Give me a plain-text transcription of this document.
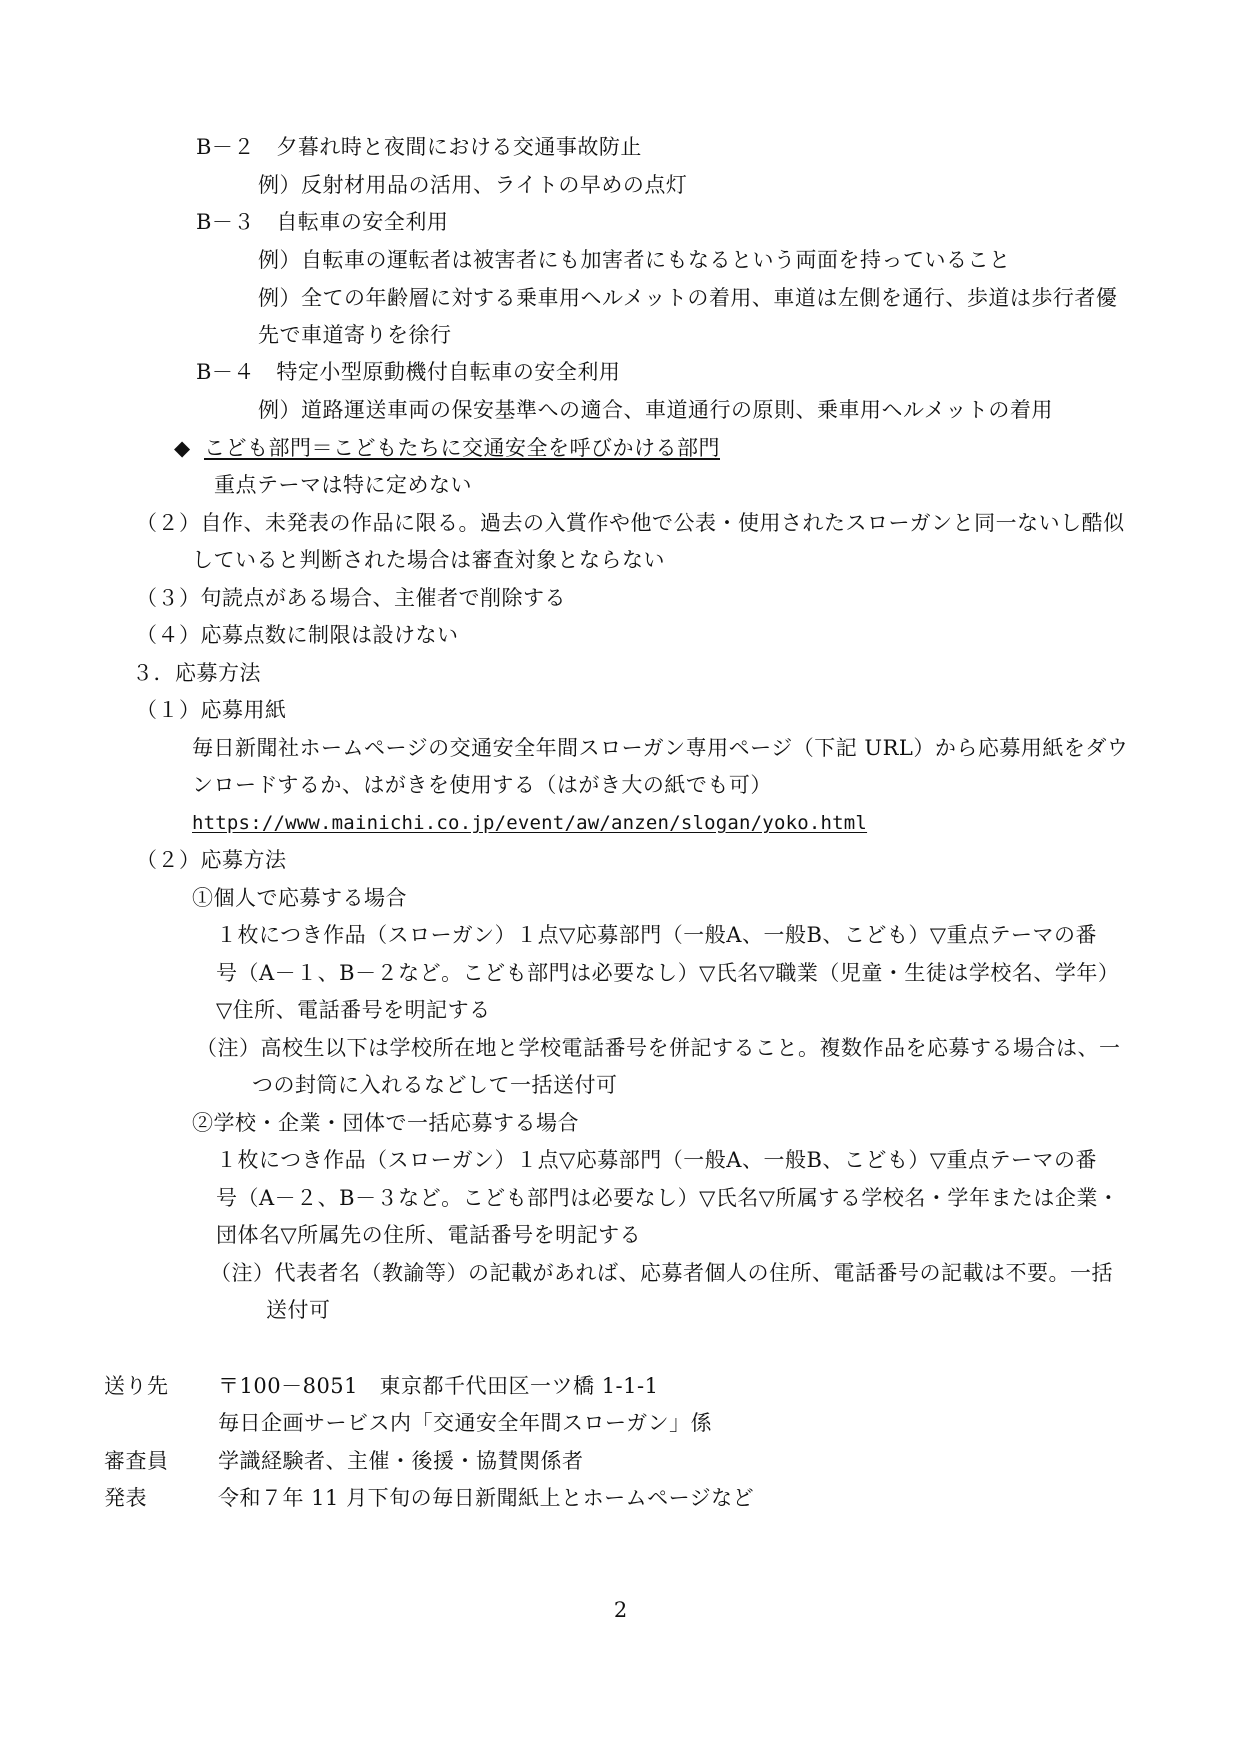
B－２　夕暮れ時と夜間における交通事故防止
例）反射材用品の活用、ライトの早めの点灯
B－３　自転車の安全利用
例）自転車の運転者は被害者にも加害者にもなるという両面を持っていること
例）全ての年齢層に対する乗車用ヘルメットの着用、車道は左側を通行、歩道は歩行者優
先で車道寄りを徐行
B－４　特定小型原動機付自転車の安全利用
例）道路運送車両の保安基準への適合、車道通行の原則、乗車用ヘルメットの着用
◆ こども部門＝こどもたちに交通安全を呼びかける部門
重点テーマは特に定めない
（２）自作、未発表の作品に限る。過去の入賞作や他で公表・使用されたスローガンと同一ないし酷似
していると判断された場合は審査対象とならない
（３）句読点がある場合、主催者で削除する
（４）応募点数に制限は設けない
３．応募方法
（１）応募用紙
毎日新聞社ホームページの交通安全年間スローガン専用ページ（下記 URL）から応募用紙をダウ
ンロードするか、はがきを使用する（はがき大の紙でも可）
https://www.mainichi.co.jp/event/aw/anzen/slogan/yoko.html
（２）応募方法
①個人で応募する場合
１枚につき作品（スローガン）１点▽応募部門（一般A、一般B、こども）▽重点テーマの番
号（A－１、B－２など。こども部門は必要なし）▽氏名▽職業（児童・生徒は学校名、学年）
▽住所、電話番号を明記する
（注）高校生以下は学校所在地と学校電話番号を併記すること。複数作品を応募する場合は、一
つの封筒に入れるなどして一括送付可
②学校・企業・団体で一括応募する場合
１枚につき作品（スローガン）１点▽応募部門（一般A、一般B、こども）▽重点テーマの番
号（A－２、B－３など。こども部門は必要なし）▽氏名▽所属する学校名・学年または企業・
団体名▽所属先の住所、電話番号を明記する
（注）代表者名（教諭等）の記載があれば、応募者個人の住所、電話番号の記載は不要。一括
送付可
送り先 〒100－8051　東京都千代田区一ツ橋 1-1-1
毎日企画サービス内「交通安全年間スローガン」係
審査員 学識経験者、主催・後援・協賛関係者
発表	令和７年 11 月下旬の毎日新聞紙上とホームページなど
2
